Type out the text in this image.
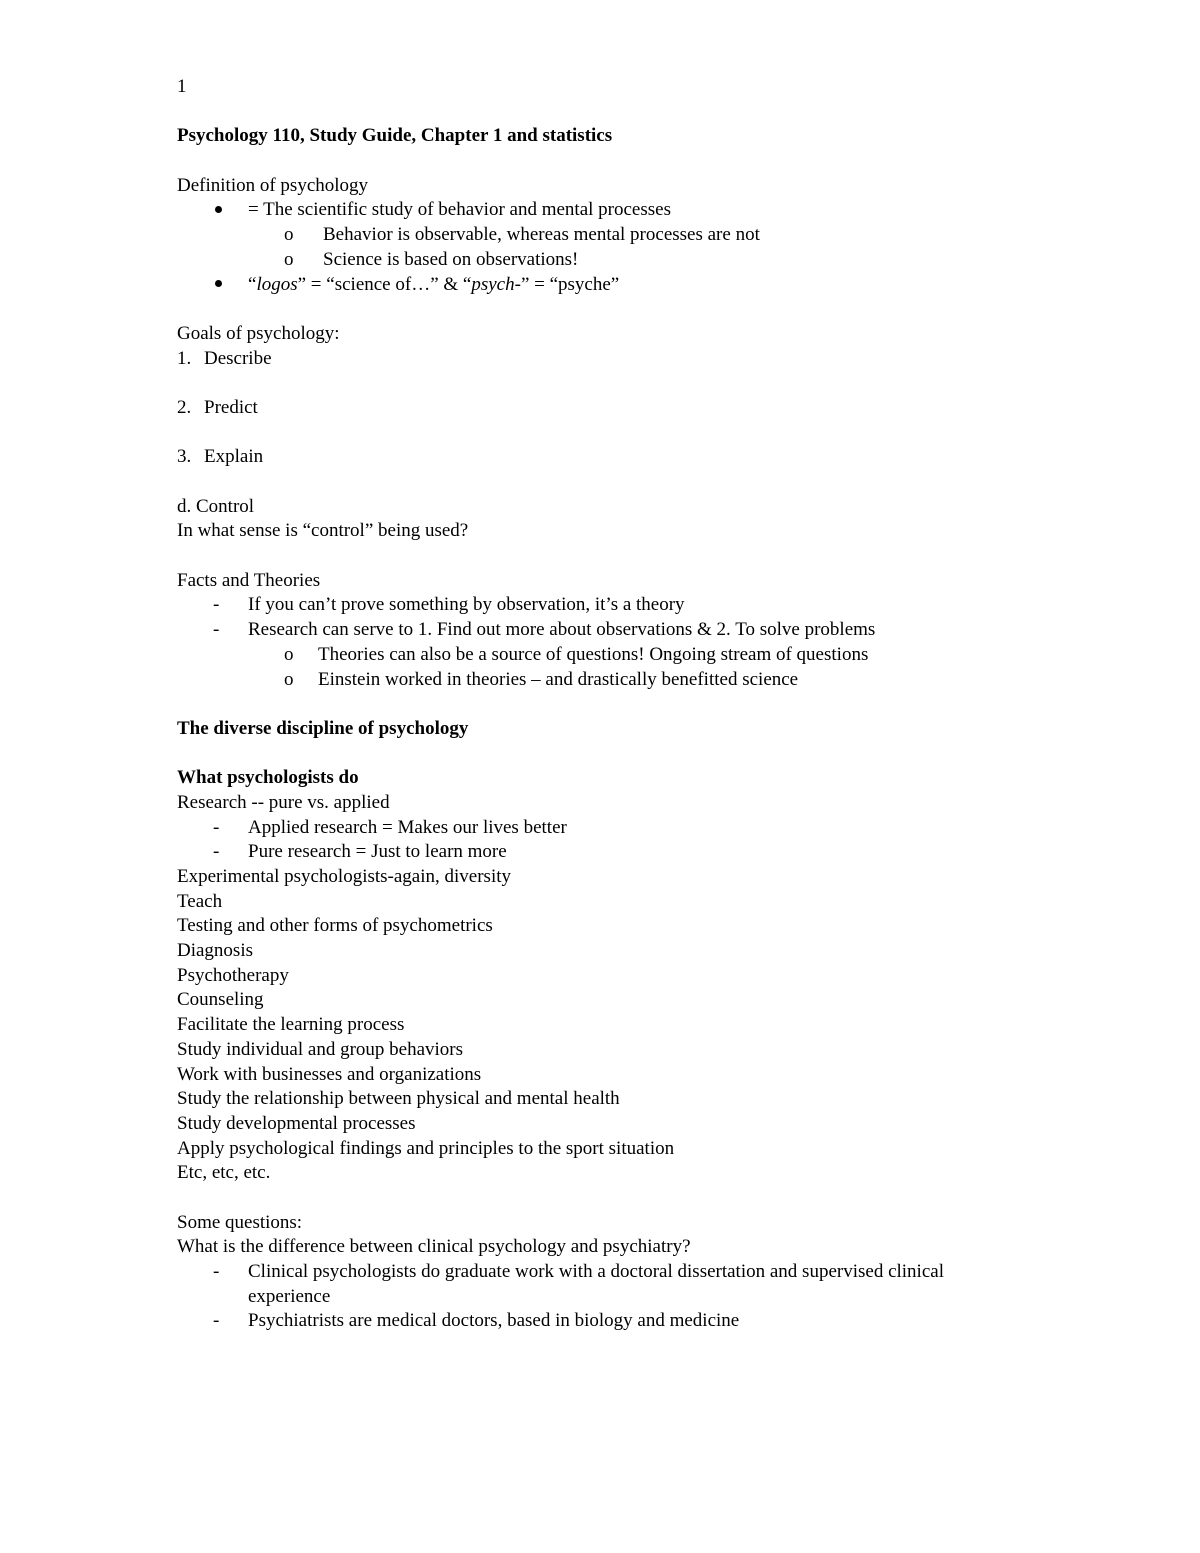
1
Psychology 110, Study Guide, Chapter 1 and statistics
Definition of psychology
= The scientific study of behavior and mental processes
o	Behavior is observable, whereas mental processes are not
o	Science is based on observations!
“logos” = “science of…” & “psych-” = “psyche”
Goals of psychology:
1. Describe
2. Predict
3. Explain
d. Control
In what sense is “control” being used?
Facts and Theories
-	If you can’t prove something by observation, it’s a theory
-	Research can serve to 1. Find out more about observations & 2. To solve problems
o	Theories can also be a source of questions! Ongoing stream of questions
o	Einstein worked in theories – and drastically benefitted science
The diverse discipline of psychology
What psychologists do
Research -- pure vs. applied
-	Applied research = Makes our lives better
-	Pure research = Just to learn more
Experimental psychologists-again, diversity
Teach
Testing and other forms of psychometrics
Diagnosis
Psychotherapy
Counseling
Facilitate the learning process
Study individual and group behaviors
Work with businesses and organizations
Study the relationship between physical and mental health
Study developmental processes
Apply psychological findings and principles to the sport situation
Etc, etc, etc.
Some questions:
What is the difference between clinical psychology and psychiatry?
-	Clinical psychologists do graduate work with a doctoral dissertation and supervised clinical experience
-	Psychiatrists are medical doctors, based in biology and medicine
